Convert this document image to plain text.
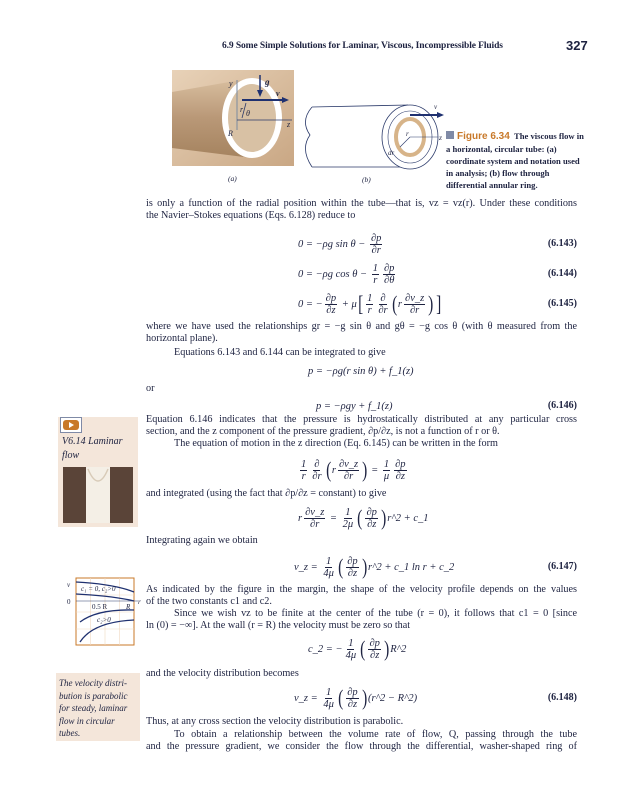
6.9 Some Simple Solutions for Laminar, Viscous, Incompressible Fluids	327
y	g
v
r θ
R
z
(a)
v
r
dr
z
(b)
Figure 6.34 The viscous flow in a horizontal, circular tube: (a) coordinate system and notation used in analysis; (b) flow through differential annular ring.
is only a function of the radial position within the tube—that is, vz = vz(r). Under these conditions
the Navier–Stokes equations (Eqs. 6.128) reduce to
0 = −ρg $\sin \theta - \frac{\partial p}{\partial r}$	(6.143)
0 = −ρg $\cos \theta - \frac{1}{r} \frac{\partial p}{\partial\theta}$	(6.144)
0 = − $\frac{\partial p}{\partial z} + \mu$ [ $\frac{1}{r} \frac{\partial}{\partial r}$ ( r $\frac{\partial v\_z}{\partial r}$ ) ]	(6.145)
where we have used the relationships gr = −g sin θ and gθ = −g cos θ (with θ measured from the
horizontal plane).
Equations 6.143 and 6.144 can be integrated to give
p = −ρg(r sin θ) + f_1(z)
or
p = −ρgy + f_1(z)	(6.146)
Equation 6.146 indicates that the pressure is hydrostatically distributed at any particular cross
section, and the z component of the pressure gradient, ∂p/∂z, is not a function of r or θ.
The equation of motion in the z direction (Eq. 6.145) can be written in the form
$\frac{1}{r} \frac{\partial}{\partial r}$ ( r $\frac{\partial v\_z}{\partial r}$ ) = $\frac{1}{\mu} \frac{\partial p}{\partial z}$
and integrated (using the fact that ∂p/∂z = constant) to give
r $\frac{\partial v\_z}{\partial r} = \frac{1}{2\mu}$ ( $\frac{\partial p}{\partial z}$ ) r^2 + c_1
Integrating again we obtain
v_z = $\frac{1}{4\mu}$ ( $\frac{\partial p}{\partial z}$ ) r^2 + c_1 ln r + c_2	(6.147)
As indicated by the figure in the margin, the shape of the velocity profile depends on the values
of the two constants c1 and c2.
Since we wish vz to be finite at the center of the tube (r = 0), it follows that c1 = 0 [since
ln (0) = −∞]. At the wall (r = R) the velocity must be zero so that
c_2 = − $\frac{1}{4\mu}$ ( $\frac{\partial p}{\partial z}$ ) R^2
and the velocity distribution becomes
v_z = $\frac{1}{4\mu}$ ( $\frac{\partial p}{\partial z}$ ) (r^2 − R^2)	(6.148)
Thus, at any cross section the velocity distribution is parabolic.
To obtain a relationship between the volume rate of flow, Q, passing through the tube
and the pressure gradient, we consider the flow through the differential, washer-shaped ring of
V6.14 Laminar
flow
v
0
c₁ = 0, c₂>0
0.5 R	R
r
c₂>0
The velocity distri-
bution is parabolic
for steady, laminar
flow in circular
tubes.
